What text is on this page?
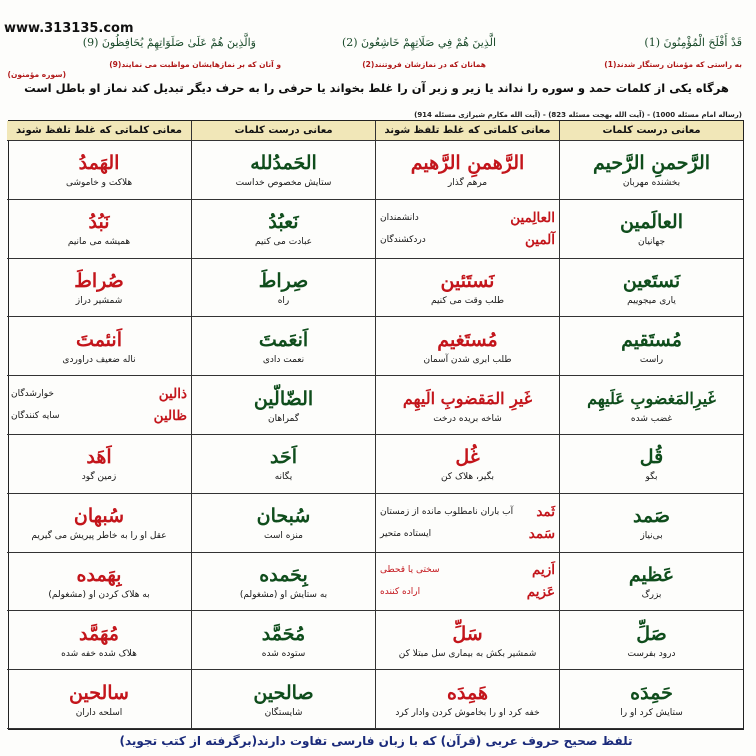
www.313135.com
قَدْ أَفْلَحَ الْمُؤْمِنُونَ (1)
الَّذِينَ هُمْ فِي صَلَاتِهِمْ خَاشِعُونَ (2)
وَالَّذِينَ هُمْ عَلَىٰ صَلَوَاتِهِمْ يُحَافِظُونَ (9)
به راستی که مؤمنان رستگار شدند(1)
همانان که در نمازشان فروتنند(2)
و آنان که بر نمازهایشان مواظبت می نمایند(9)
(سوره مؤمنون)
هرگاه یکی از کلمات حمد و سوره را نداند یا زیر و زبر آن را غلط بخواند یا حرفی را به حرف دیگر تبدیل کند نماز او باطل است
(رساله امام مسئله 1000) - (آیت الله بهجت مسئله 823) - (آیت الله مکارم شیرازی مسئله 914)
معانی درست کلمات
معانی کلماتی که غلط تلفظ شوند
معانی درست کلمات
معانی کلماتی که غلط تلفظ شوند
الرَّحمنِ الرَّحیم
بخشنده مهربان
الرَّهمنِ الرَّهیم
مرهم گذار
الحَمدُلله
ستایش مخصوص خداست
الهَمدُ
هلاکت و خاموشی
العالَمین
جهانیان
العالِمین
دانشمندان
آلمین
دردکشندگان
نَعبُدُ
عبادت می کنیم
نَبُدُ
همیشه می مانیم
نَستَعین
یاری میجوییم
نَستَئین
طلب وقت می کنیم
صِراطَ
راه
صُراطَ
شمشیر دراز
مُستَقیم
راست
مُستَغیم
طلب ابری شدن آسمان
اَنعَمتَ
نعمت دادی
اَنئمتَ
ناله ضعیف دراوردی
غَیرِالمَغضوبِ عَلَیهِم
غضب شده
غَیرِ المَقضوبِ الَیهِم
شاخه بریده درخت
الضّالّین
گمراهان
ذالین
خوارشدگان
ظالین
سایه کنندگان
قُل
بگو
غُل
بگیر، هلاک کن
اَحَد
یگانه
اَهَد
زمین گود
صَمد
بی‌نیاز
ثَمد
آب باران نامطلوب مانده از زمستان
سَمد
ایستاده متحیر
سُبحان
منزه است
سُبهان
عقل او را به خاطر پیریش می گیریم
عَظیم
بزرگ
اَزیم
سختی یا قحطی
عَزیم
اراده کننده
بِحَمده
به ستایش او (مشغولم)
بِهَمده
به هلاک کردن او (مشغولم)
صَلِّ
درود بفرست
سَلِّ
شمشیر بکش به بیماری سل مبتلا کن
مُحَمَّد
ستوده شده
مُهَمَّد
هلاک شده خفه شده
حَمِدَه
ستایش کرد او را
هَمِدَه
خفه کرد او را بخاموش کردن وادار کرد
صالحین
شایستگان
سالحین
اسلحه داران
تلفظ صحیح حروف عربی (قرآن) که با زبان فارسی تفاوت دارند(برگرفته از کتب تجوید)
